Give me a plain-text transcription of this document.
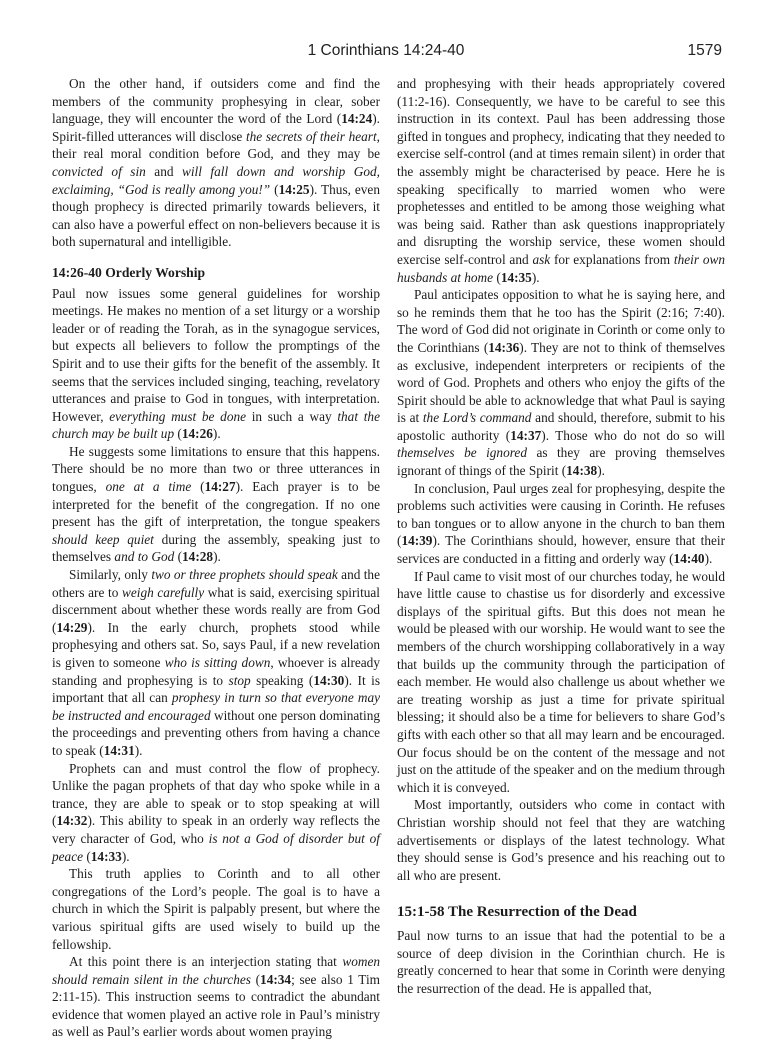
1 Corinthians 14:24-40	1579

On the other hand, if outsiders come and find the members of the community prophesying in clear, sober language, they will encounter the word of the Lord (14:24). Spirit-filled utterances will disclose the secrets of their heart, their real moral condition before God, and they may be convicted of sin and will fall down and worship God, exclaiming, “God is really among you!” (14:25). Thus, even though prophecy is directed primarily towards believers, it can also have a powerful effect on non-believers because it is both supernatural and intelligible.

14:26-40 Orderly Worship

Paul now issues some general guidelines for worship meetings. He makes no mention of a set liturgy or a worship leader or of reading the Torah, as in the synagogue services, but expects all believers to follow the promptings of the Spirit and to use their gifts for the benefit of the assembly. It seems that the services included singing, teaching, revelatory utterances and praise to God in tongues, with interpretation. However, everything must be done in such a way that the church may be built up (14:26).

He suggests some limitations to ensure that this happens. There should be no more than two or three utterances in tongues, one at a time (14:27). Each prayer is to be interpreted for the benefit of the congregation. If no one present has the gift of interpretation, the tongue speakers should keep quiet during the assembly, speaking just to themselves and to God (14:28).

Similarly, only two or three prophets should speak and the others are to weigh carefully what is said, exercising spiritual discernment about whether these words really are from God (14:29). In the early church, prophets stood while prophesying and others sat. So, says Paul, if a new revelation is given to someone who is sitting down, whoever is already standing and prophesying is to stop speaking (14:30). It is important that all can prophesy in turn so that everyone may be instructed and encouraged without one person dominating the proceedings and preventing others from having a chance to speak (14:31).

Prophets can and must control the flow of prophecy. Unlike the pagan prophets of that day who spoke while in a trance, they are able to speak or to stop speaking at will (14:32). This ability to speak in an orderly way reflects the very character of God, who is not a God of disorder but of peace (14:33).

This truth applies to Corinth and to all other congregations of the Lord’s people. The goal is to have a church in which the Spirit is palpably present, but where the various spiritual gifts are used wisely to build up the fellowship.

At this point there is an interjection stating that women should remain silent in the churches (14:34; see also 1 Tim 2:11-15). This instruction seems to contradict the abundant evidence that women played an active role in Paul’s ministry as well as Paul’s earlier words about women praying

and prophesying with their heads appropriately covered (11:2-16). Consequently, we have to be careful to see this instruction in its context. Paul has been addressing those gifted in tongues and prophecy, indicating that they needed to exercise self-control (and at times remain silent) in order that the assembly might be characterised by peace. Here he is speaking specifically to married women who were prophetesses and entitled to be among those weighing what was being said. Rather than ask questions inappropriately and disrupting the worship service, these women should exercise self-control and ask for explanations from their own husbands at home (14:35).

Paul anticipates opposition to what he is saying here, and so he reminds them that he too has the Spirit (2:16; 7:40). The word of God did not originate in Corinth or come only to the Corinthians (14:36). They are not to think of themselves as exclusive, independent interpreters or recipients of the word of God. Prophets and others who enjoy the gifts of the Spirit should be able to acknowledge that what Paul is saying is at the Lord’s command and should, therefore, submit to his apostolic authority (14:37). Those who do not do so will themselves be ignored as they are proving themselves ignorant of things of the Spirit (14:38).

In conclusion, Paul urges zeal for prophesying, despite the problems such activities were causing in Corinth. He refuses to ban tongues or to allow anyone in the church to ban them (14:39). The Corinthians should, however, ensure that their services are conducted in a fitting and orderly way (14:40).

If Paul came to visit most of our churches today, he would have little cause to chastise us for disorderly and excessive displays of the spiritual gifts. But this does not mean he would be pleased with our worship. He would want to see the members of the church worshipping collaboratively in a way that builds up the community through the participation of each member. He would also challenge us about whether we are treating worship as just a time for private spiritual blessing; it should also be a time for believers to share God’s gifts with each other so that all may learn and be encouraged. Our focus should be on the content of the message and not just on the attitude of the speaker and on the medium through which it is conveyed.

Most importantly, outsiders who come in contact with Christian worship should not feel that they are watching advertisements or displays of the latest technology. What they should sense is God’s presence and his reaching out to all who are present.

15:1-58 The Resurrection of the Dead

Paul now turns to an issue that had the potential to be a source of deep division in the Corinthian church. He is greatly concerned to hear that some in Corinth were denying the resurrection of the dead. He is appalled that,
